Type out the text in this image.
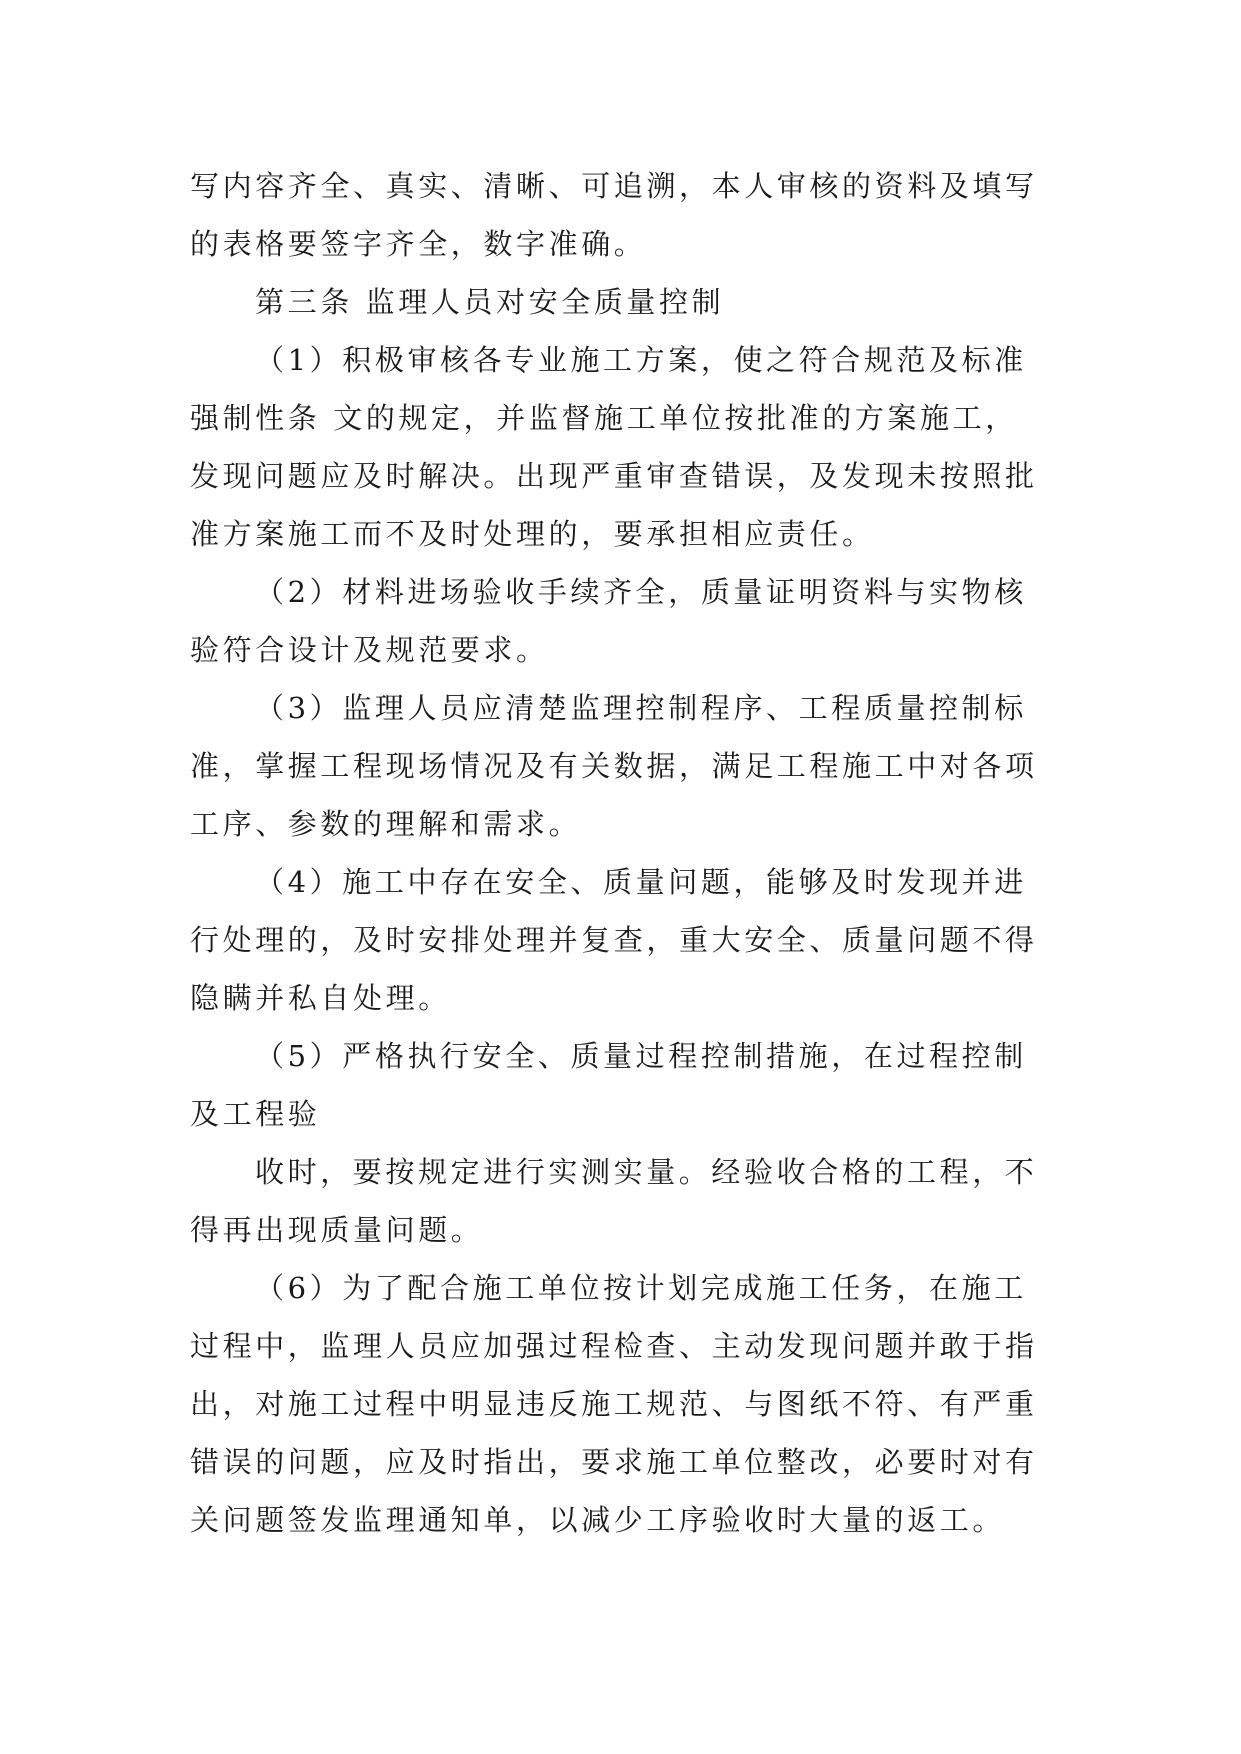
写内容齐全、真实、清晰、可追溯，本人审核的资料及填写
的表格要签字齐全，数字准确。
第三条 监理人员对安全质量控制
（1）积极审核各专业施工方案，使之符合规范及标准
强制性条 文的规定，并监督施工单位按批准的方案施工，
发现问题应及时解决。出现严重审查错误，及发现未按照批
准方案施工而不及时处理的，要承担相应责任。
（2）材料进场验收手续齐全，质量证明资料与实物核
验符合设计及规范要求。
（3）监理人员应清楚监理控制程序、工程质量控制标
准，掌握工程现场情况及有关数据，满足工程施工中对各项
工序、参数的理解和需求。
（4）施工中存在安全、质量问题，能够及时发现并进
行处理的，及时安排处理并复查，重大安全、质量问题不得
隐瞒并私自处理。
（5）严格执行安全、质量过程控制措施，在过程控制
及工程验
收时，要按规定进行实测实量。经验收合格的工程，不
得再出现质量问题。
（6）为了配合施工单位按计划完成施工任务，在施工
过程中，监理人员应加强过程检查、主动发现问题并敢于指
出，对施工过程中明显违反施工规范、与图纸不符、有严重
错误的问题，应及时指出，要求施工单位整改，必要时对有
关问题签发监理通知单，以减少工序验收时大量的返工。
